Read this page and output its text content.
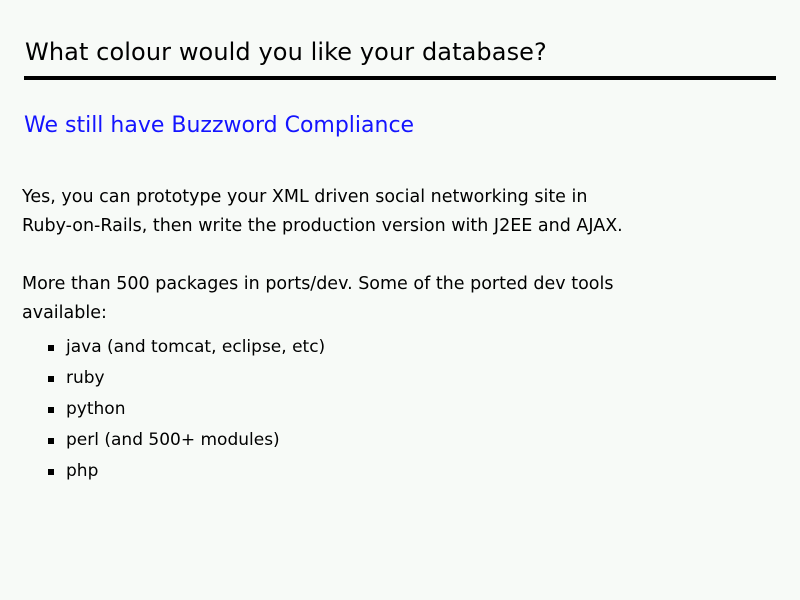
What colour would you like your database?
We still have Buzzword Compliance

Yes, you can prototype your XML driven social networking site in
Ruby-on-Rails, then write the production version with J2EE and AJAX.

More than 500 packages in ports/dev. Some of the ported dev tools
available:

java (and tomcat, eclipse, etc)
ruby
python
perl (and 500+ modules)
php
